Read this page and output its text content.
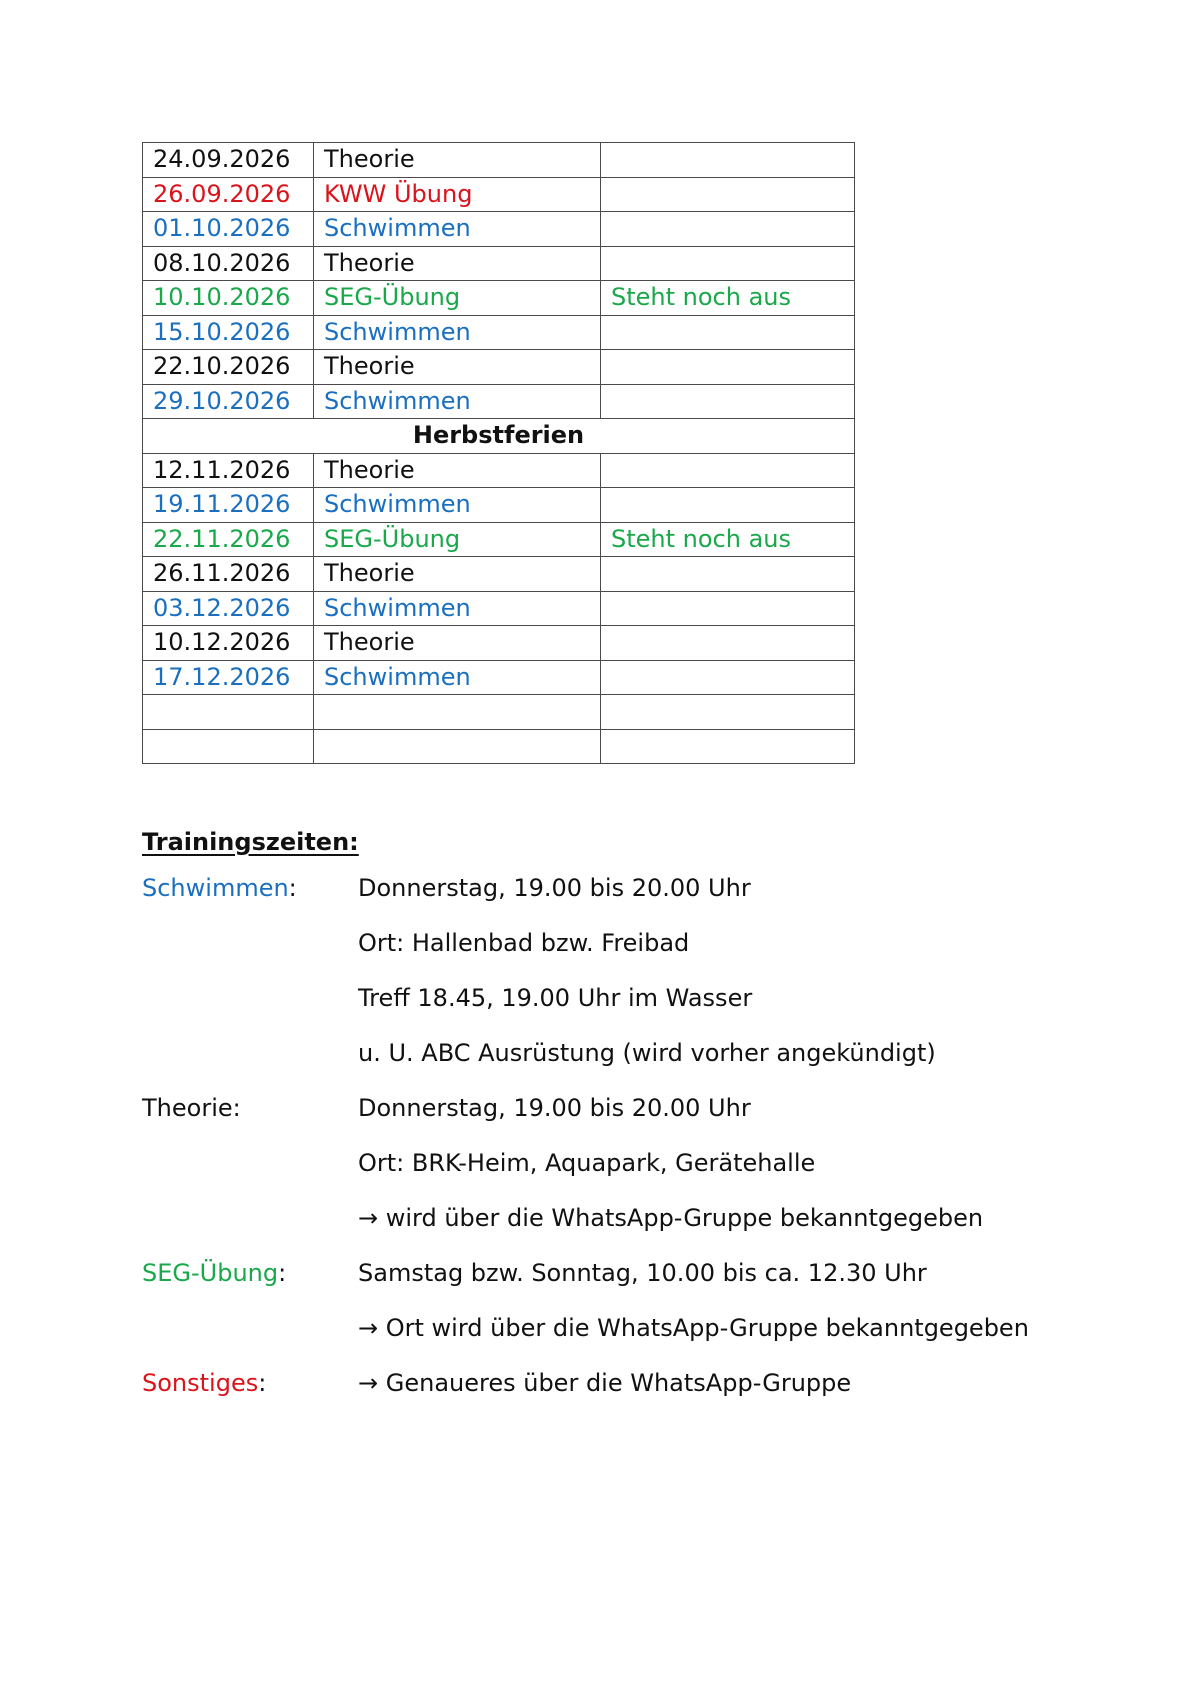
24.09.2026	Theorie	
26.09.2026	KWW Übung	
01.10.2026	Schwimmen	
08.10.2026	Theorie	
10.10.2026	SEG-Übung	Steht noch aus
15.10.2026	Schwimmen	
22.10.2026	Theorie	
29.10.2026	Schwimmen	
Herbstferien		
12.11.2026	Theorie	
19.11.2026	Schwimmen	
22.11.2026	SEG-Übung	Steht noch aus
26.11.2026	Theorie	
03.12.2026	Schwimmen	
10.12.2026	Theorie	
17.12.2026	Schwimmen	

Trainingszeiten:
Schwimmen:	Donnerstag, 19.00 bis 20.00 Uhr
Ort: Hallenbad bzw. Freibad
Treff 18.45, 19.00 Uhr im Wasser
u. U. ABC Ausrüstung (wird vorher angekündigt)
Theorie:	Donnerstag, 19.00 bis 20.00 Uhr
Ort: BRK-Heim, Aquapark, Gerätehalle
→ wird über die WhatsApp-Gruppe bekanntgegeben
SEG-Übung:	Samstag bzw. Sonntag, 10.00 bis ca. 12.30 Uhr
→ Ort wird über die WhatsApp-Gruppe bekanntgegeben
Sonstiges:	→ Genaueres über die WhatsApp-Gruppe
